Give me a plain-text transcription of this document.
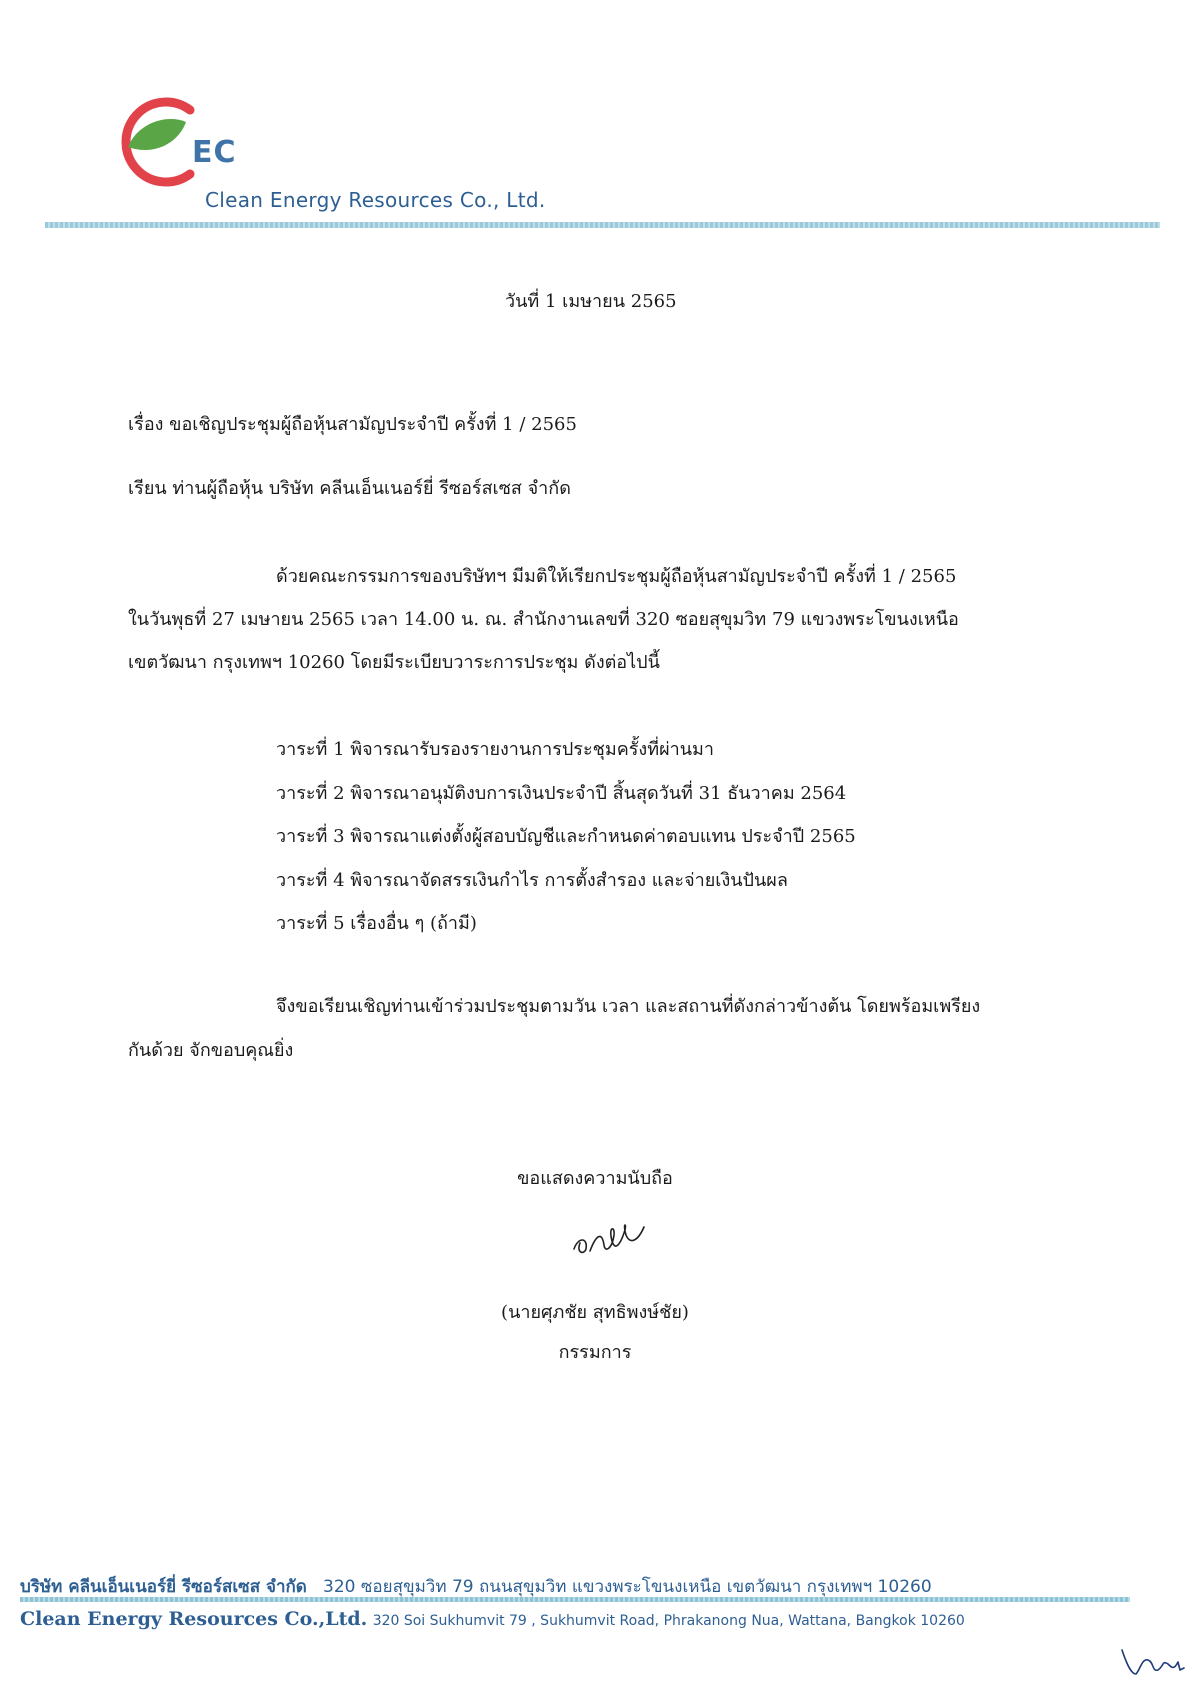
EC
Clean Energy Resources Co., Ltd.
วันที่ 1 เมษายน 2565
เรื่อง ขอเชิญประชุมผู้ถือหุ้นสามัญประจำปี ครั้งที่ 1 / 2565
เรียน ท่านผู้ถือหุ้น บริษัท คลีนเอ็นเนอร์ยี่ รีซอร์สเซส จำกัด
ด้วยคณะกรรมการของบริษัทฯ มีมติให้เรียกประชุมผู้ถือหุ้นสามัญประจำปี ครั้งที่ 1 / 2565
ในวันพุธที่ 27 เมษายน 2565 เวลา 14.00 น. ณ. สำนักงานเลขที่ 320 ซอยสุขุมวิท 79 แขวงพระโขนงเหนือ
เขตวัฒนา กรุงเทพฯ 10260 โดยมีระเบียบวาระการประชุม ดังต่อไปนี้
วาระที่ 1 พิจารณารับรองรายงานการประชุมครั้งที่ผ่านมา
วาระที่ 2 พิจารณาอนุมัติงบการเงินประจำปี สิ้นสุดวันที่ 31 ธันวาคม 2564
วาระที่ 3 พิจารณาแต่งตั้งผู้สอบบัญชีและกำหนดค่าตอบแทน ประจำปี 2565
วาระที่ 4 พิจารณาจัดสรรเงินกำไร การตั้งสำรอง และจ่ายเงินปันผล
วาระที่ 5 เรื่องอื่น ๆ (ถ้ามี)
จึงขอเรียนเชิญท่านเข้าร่วมประชุมตามวัน เวลา และสถานที่ดังกล่าวข้างต้น โดยพร้อมเพรียง
กันด้วย จักขอบคุณยิ่ง
ขอแสดงความนับถือ
(นายศุภชัย สุทธิพงษ์ชัย)
กรรมการ
บริษัท คลีนเอ็นเนอร์ยี่ รีซอร์สเซส จำกัด 320 ซอยสุขุมวิท 79 ถนนสุขุมวิท แขวงพระโขนงเหนือ เขตวัฒนา กรุงเทพฯ 10260
Clean Energy Resources Co.,Ltd. 320 Soi Sukhumvit 79 , Sukhumvit Road, Phrakanong Nua, Wattana, Bangkok 10260
